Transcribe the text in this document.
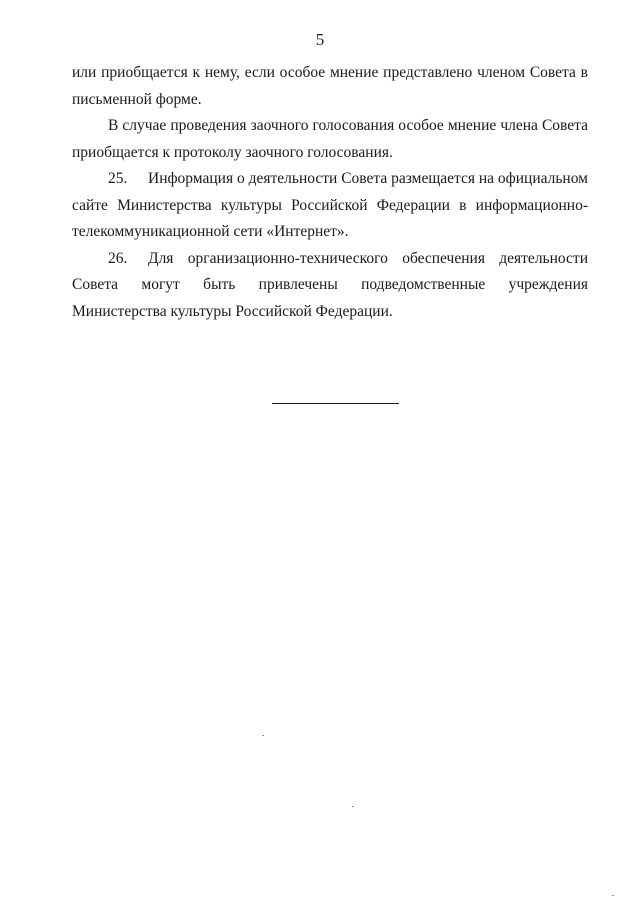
5

или приобщается к нему, если особое мнение представлено членом Совета в письменной форме.

В случае проведения заочного голосования особое мнение члена Совета приобщается к протоколу заочного голосования.

25. Информация о деятельности Совета размещается на официальном сайте Министерства культуры Российской Федерации в информационно-телекоммуникационной сети «Интернет».

26. Для организационно-технического обеспечения деятельности Совета могут быть привлечены подведомственные учреждения Министерства культуры Российской Федерации.
